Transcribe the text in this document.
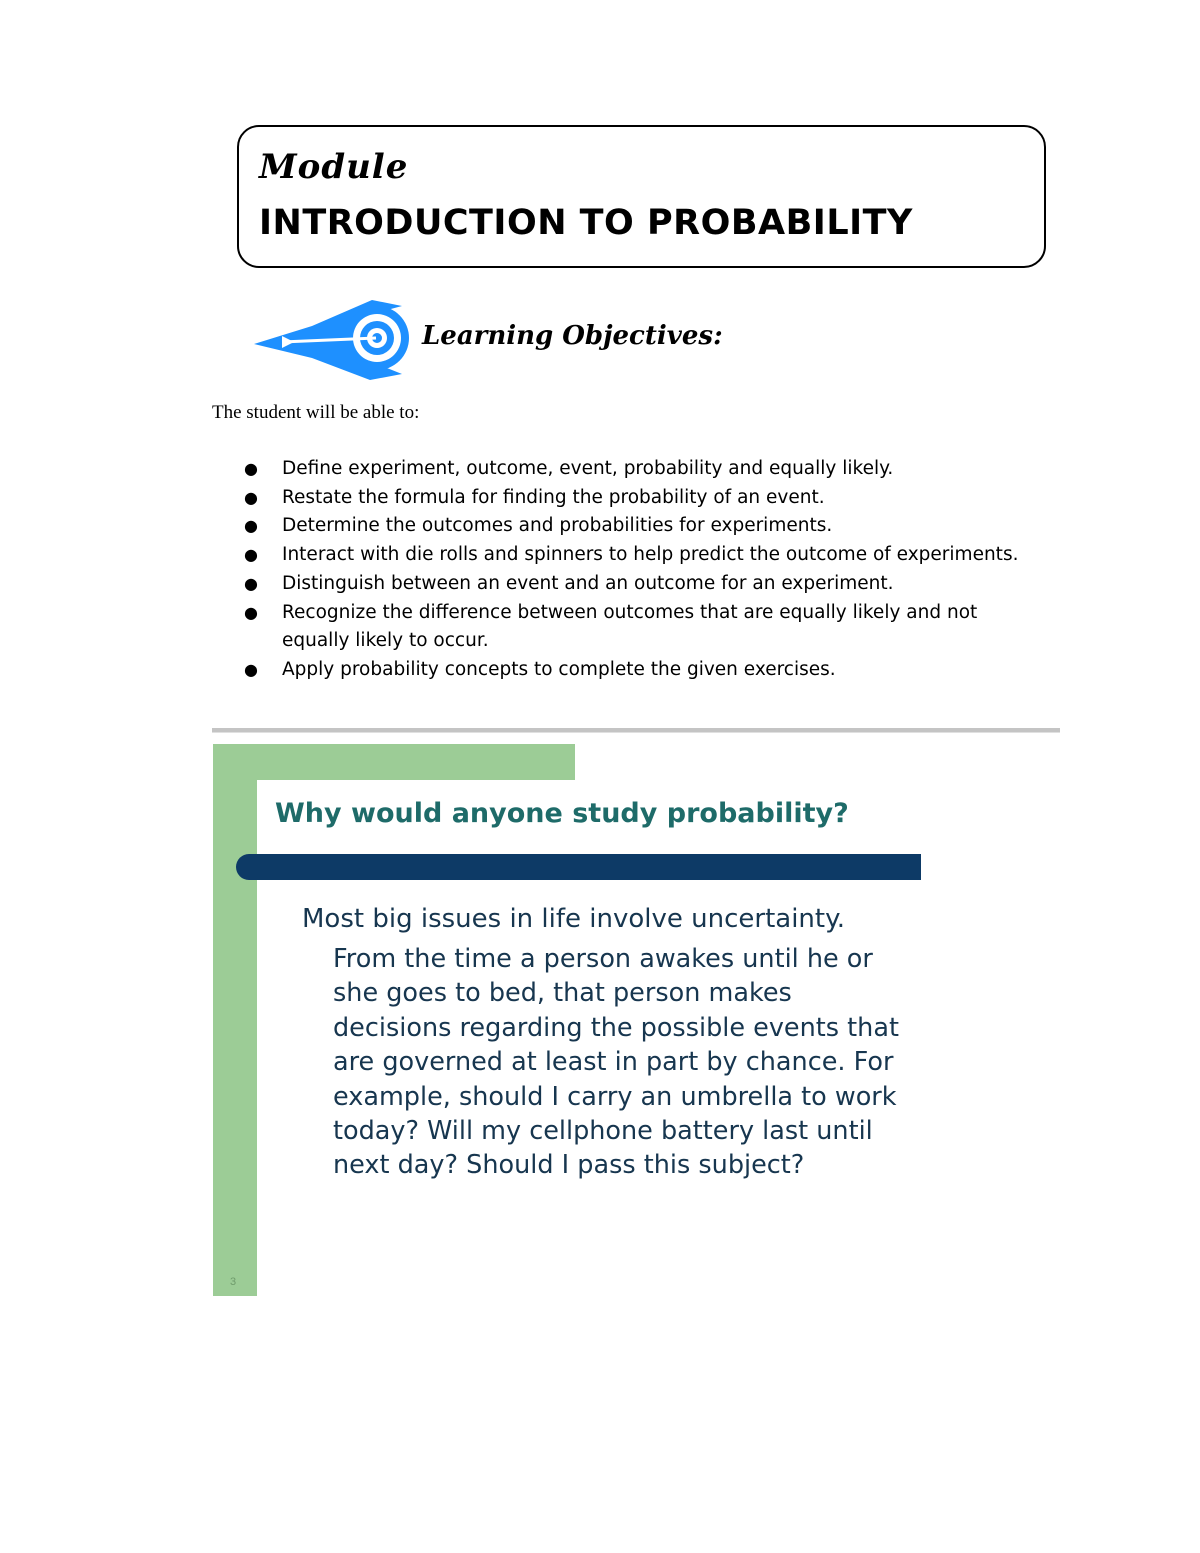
Module
INTRODUCTION TO PROBABILITY
Learning Objectives:
The student will be able to:
● Define experiment, outcome, event, probability and equally likely.
● Restate the formula for finding the probability of an event.
● Determine the outcomes and probabilities for experiments.
● Interact with die rolls and spinners to help predict the outcome of experiments.
● Distinguish between an event and an outcome for an experiment.
● Recognize the difference between outcomes that are equally likely and not
equally likely to occur.
● Apply probability concepts to complete the given exercises.
Why would anyone study probability?
Most big issues in life involve uncertainty.
From the time a person awakes until he or
she goes to bed, that person makes
decisions regarding the possible events that
are governed at least in part by chance. For
example, should I carry an umbrella to work
today? Will my cellphone battery last until
next day? Should I pass this subject?
3
